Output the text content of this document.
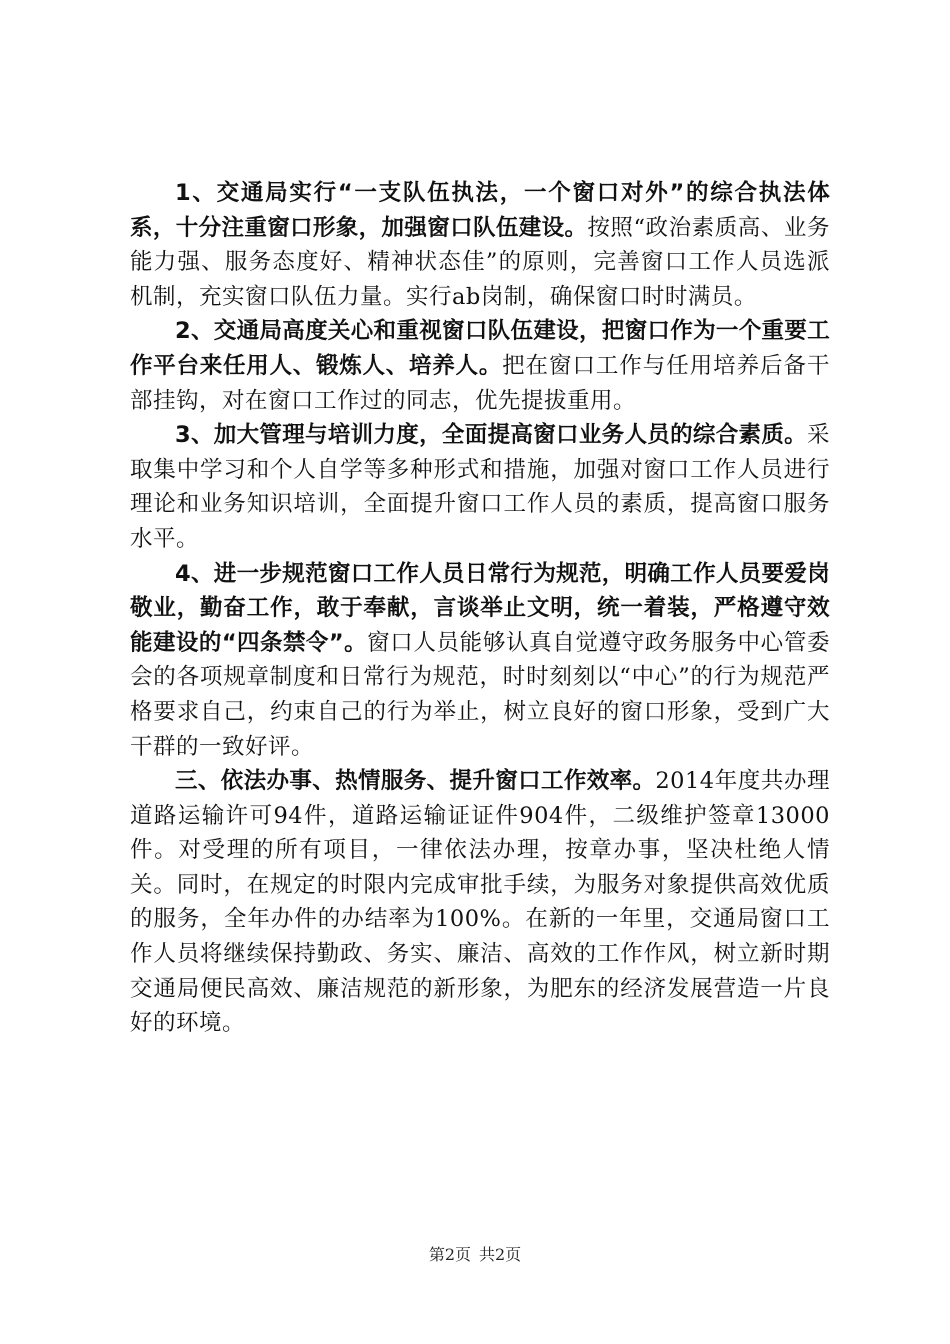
1、交通局实行“一支队伍执法，一个窗口对外”的综合执法体系，十分注重窗口形象，加强窗口队伍建设。按照“政治素质高、业务能力强、服务态度好、精神状态佳”的原则，完善窗口工作人员选派机制，充实窗口队伍力量。实行ab岗制，确保窗口时时满员。

2、交通局高度关心和重视窗口队伍建设，把窗口作为一个重要工作平台来任用人、锻炼人、培养人。把在窗口工作与任用培养后备干部挂钩，对在窗口工作过的同志，优先提拔重用。

3、加大管理与培训力度，全面提高窗口业务人员的综合素质。采取集中学习和个人自学等多种形式和措施，加强对窗口工作人员进行理论和业务知识培训，全面提升窗口工作人员的素质，提高窗口服务水平。

4、进一步规范窗口工作人员日常行为规范，明确工作人员要爱岗敬业，勤奋工作，敢于奉献，言谈举止文明，统一着装，严格遵守效能建设的“四条禁令”。窗口人员能够认真自觉遵守政务服务中心管委会的各项规章制度和日常行为规范，时时刻刻以“中心”的行为规范严格要求自己，约束自己的行为举止，树立良好的窗口形象，受到广大干群的一致好评。

三、依法办事、热情服务、提升窗口工作效率。2014年度共办理道路运输许可94件，道路运输证证件904件，二级维护签章13000件。对受理的所有项目，一律依法办理，按章办事，坚决杜绝人情关。同时，在规定的时限内完成审批手续，为服务对象提供高效优质的服务，全年办件的办结率为100%。在新的一年里，交通局窗口工作人员将继续保持勤政、务实、廉洁、高效的工作作风，树立新时期交通局便民高效、廉洁规范的新形象，为肥东的经济发展营造一片良好的环境。

第2页 共2页
